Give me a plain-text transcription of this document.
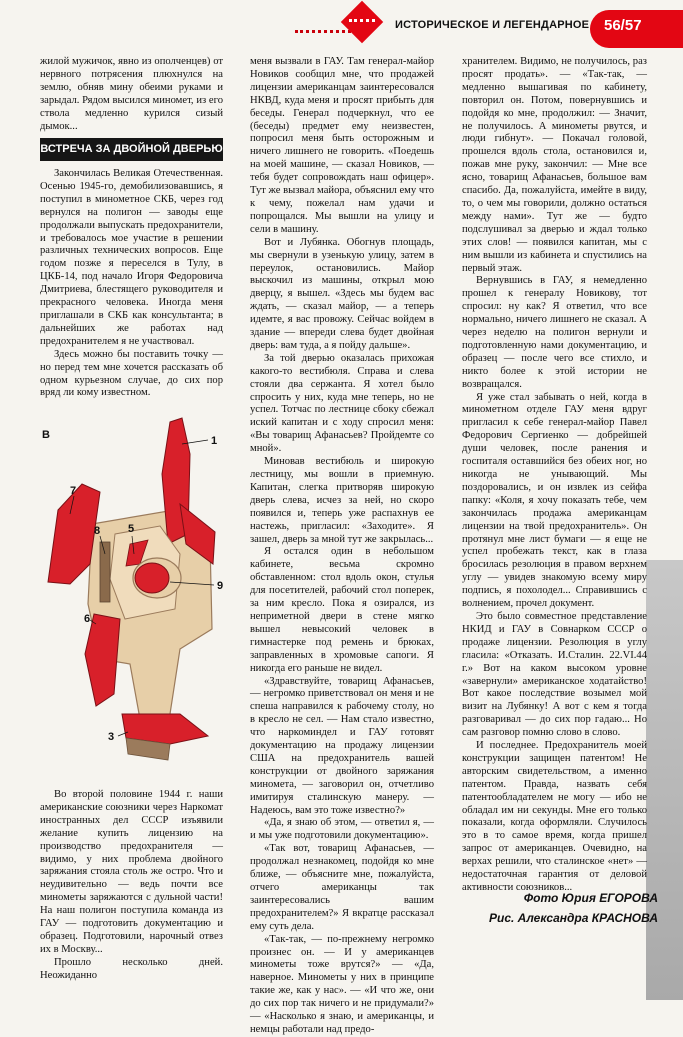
ИСТОРИЧЕСКОЕ И ЛЕГЕНДАРНОЕ 56/57

жилой мужичок, явно из ополченцев) от нервного потрясения плюхнулся на землю, обняв мину обеими руками и зарыдал. Рядом высился миномет, из его ствола медленно курился сизый дымок...

ВСТРЕЧА ЗА ДВОЙНОЙ ДВЕРЬЮ

Закончилась Великая Отечественная. Осенью 1945-го, демобилизовавшись, я поступил в минометное СКБ, через год вернулся на полигон — заводы еще продолжали выпускать предохранители, и требовалось мое участие в решении различных технических вопросов. Еще годом позже я переселся в Тулу, в ЦКБ-14, под начало Игоря Федоровича Дмитриева, блестящего руководителя и прекрасного человека. Иногда меня приглашали в СКБ как консультанта; в дальнейших же работах над предохранителем я не участвовал.

Здесь можно бы поставить точку — но перед тем мне хочется рассказать об одном курьезном случае, до сих пор вряд ли кому известном.

В	1
3
5
6
7
8
9

Во второй половине 1944 г. наши американские союзники через Наркомат иностранных дел СССР изъявили желание купить лицензию на производство предохранителя — видимо, у них проблема двойного заряжания стояла столь же остро. Что и неудивительно — ведь почти все минометы заряжаются с дульной части! На наш полигон поступила команда из ГАУ — подготовить документацию и образец. Подготовили, нарочный отвез их в Москву...

Прошло несколько дней. Неожиданно

меня вызвали в ГАУ. Там генерал-майор Новиков сообщил мне, что продажей лицензии американцам заинтересовался НКВД, куда меня и просят прибыть для беседы. Генерал подчеркнул, что ее (беседы) предмет ему неизвестен, попросил меня быть осторожным и ничего лишнего не говорить. «Поедешь на моей машине, — сказал Новиков, — тебя будет сопровождать наш офицер». Тут же вызвал майора, объяснил ему что к чему, пожелал нам удачи и попрощался. Мы вышли на улицу и сели в машину.

Вот и Лубянка. Обогнув площадь, мы свернули в узенькую улицу, затем в переулок, остановились. Майор выскочил из машины, открыл мою дверцу, я вышел. «Здесь мы будем вас ждать, — сказал майор, — а теперь идемте, я вас провожу. Сейчас войдем в здание — впереди слева будет двойная дверь: вам туда, а я пойду дальше».

За той дверью оказалась прихожая какого-то вестибюля. Справа и слева стояли два сержанта. Я хотел было спросить у них, куда мне теперь, но не успел. Тотчас по лестнице сбоку сбежал иский капитан и с ходу спросил меня: «Вы товарищ Афанасьев? Пройдемте со мной».

Миновав вестибюль и широкую лестницу, мы вошли в приемную. Капитан, слегка притворяв широкую дверь слева, исчез за ней, но скоро появился и, теперь уже распахнув ее настежь, пригласил: «Заходите». Я зашел, дверь за мной тут же закрылась...

Я остался один в небольшом кабинете, весьма скромно обставленном: стол вдоль окон, стулья для посетителей, рабочий стол поперек, за ним кресло. Пока я озирался, из неприметной двери в стене мягко вышел невысокий человек в гимнастерке под ремень и брюках, заправленных в хромовые сапоги. Я никогда его раньше не видел.

«Здравствуйте, товарищ Афанасьев, — негромко приветствовал он меня и не спеша направился к рабочему столу, но в кресло не сел. — Нам стало известно, что наркоминдел и ГАУ готовят документацию на продажу лицензии США на предохранитель вашей конструкции от двойного заряжания миномета, — заговорил он, отчетливо имитируя сталинскую манеру. — Надеюсь, вам это тоже известно?»

«Да, я знаю об этом, — ответил я, — и мы уже подготовили документацию».

«Так вот, товарищ Афанасьев, — продолжал незнакомец, подойдя ко мне ближе, — объясните мне, пожалуйста, отчего американцы так заинтересовались вашим предохранителем?» Я вкратце рассказал ему суть дела.

«Так-так, — по-прежнему негромко произнес он. — И у американцев минометы тоже врутся?» — «Да, наверное. Минометы у них в принципе такие же, как у нас». — «И что же, они до сих пор так ничего и не придумали?» — «Насколько я знаю, и американцы, и немцы работали над предо-

хранителем. Видимо, не получилось, раз просят продать». — «Так-так, — медленно вышагивая по кабинету, повторил он. Потом, повернувшись и подойдя ко мне, продолжил: — Значит, не получилось. А минометы рвутся, и люди гибнут». — Покачал головой, прошелся вдоль стола, остановился и, пожав мне руку, закончил: — Мне все ясно, товарищ Афанасьев, большое вам спасибо. Да, пожалуйста, имейте в виду, то, о чем мы говорили, должно остаться между нами». Тут же — будто подслушивал за дверью и ждал только этих слов! — появился капитан, мы с ним вышли из кабинета и спустились на первый этаж.

Вернувшись в ГАУ, я немедленно прошел к генералу Новикову, тот спросил: ну как? Я ответил, что все нормально, ничего лишнего не сказал. А через неделю на полигон вернули и подготовленную нами документацию, и образец — после чего все стихло, и никто более к этой истории не возвращался.

Я уже стал забывать о ней, когда в минометном отделе ГАУ меня вдруг пригласил к себе генерал-майор Павел Федорович Сергиенко — добрейшей души человек, после ранения и госпиталя оставшийся без обеих ног, но никогда не унывающий. Мы поздоровались, и он извлек из сейфа папку: «Коля, я хочу показать тебе, чем закончилась продажа американцам лицензии на твой предохранитель». Он протянул мне лист бумаги — я еще не успел пробежать текст, как в глаза бросилась резолюция в правом верхнем углу — увидев знакомую всему миру подпись, я похолодел... Справившись с волнением, прочел документ.

Это было совместное представление НКИД и ГАУ в Совнарком СССР о продаже лицензии. Резолюция в углу гласила: «Отказать. И.Сталин. 22.VI.44 г.» Вот на каком высоком уровне «завернули» американское ходатайство! Вот какое последствие возымел мой визит на Лубянку! А вот с кем я тогда разговаривал — до сих пор гадаю... Но сам разговор помню слово в слово.

И последнее. Предохранитель моей конструкции защищен патентом! Не авторским свидетельством, а именно патентом. Правда, назвать себя патентообладателем не могу — ибо не обладал им ни секунды. Мне его только показали, когда оформляли. Случилось это в то самое время, когда пришел запрос от американцев. Очевидно, на верхах решили, что сталинское «нет» — недостаточная гарантия от деловой активности союзников...

Фото Юрия ЕГОРОВА
Рис. Александра КРАСНОВА
